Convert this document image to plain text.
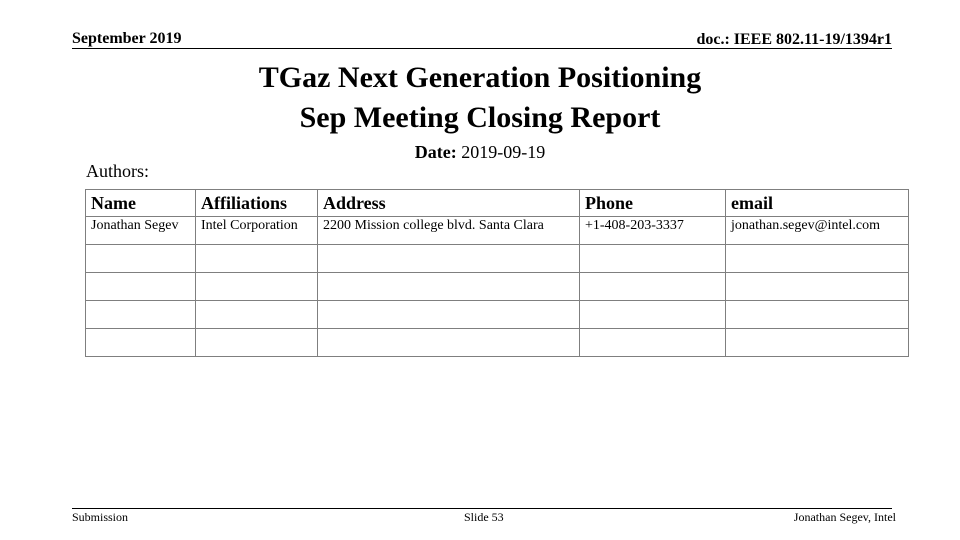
September 2019	doc.: IEEE 802.11-19/1394r1
TGaz Next Generation Positioning
Sep Meeting Closing Report
Date: 2019-09-19
Authors:
Name	Affiliations	Address	Phone	email
Jonathan Segev	Intel Corporation	2200 Mission college blvd. Santa Clara	+1-408-203-3337	jonathan.segev@intel.com

Submission	Slide 53	Jonathan Segev, Intel
